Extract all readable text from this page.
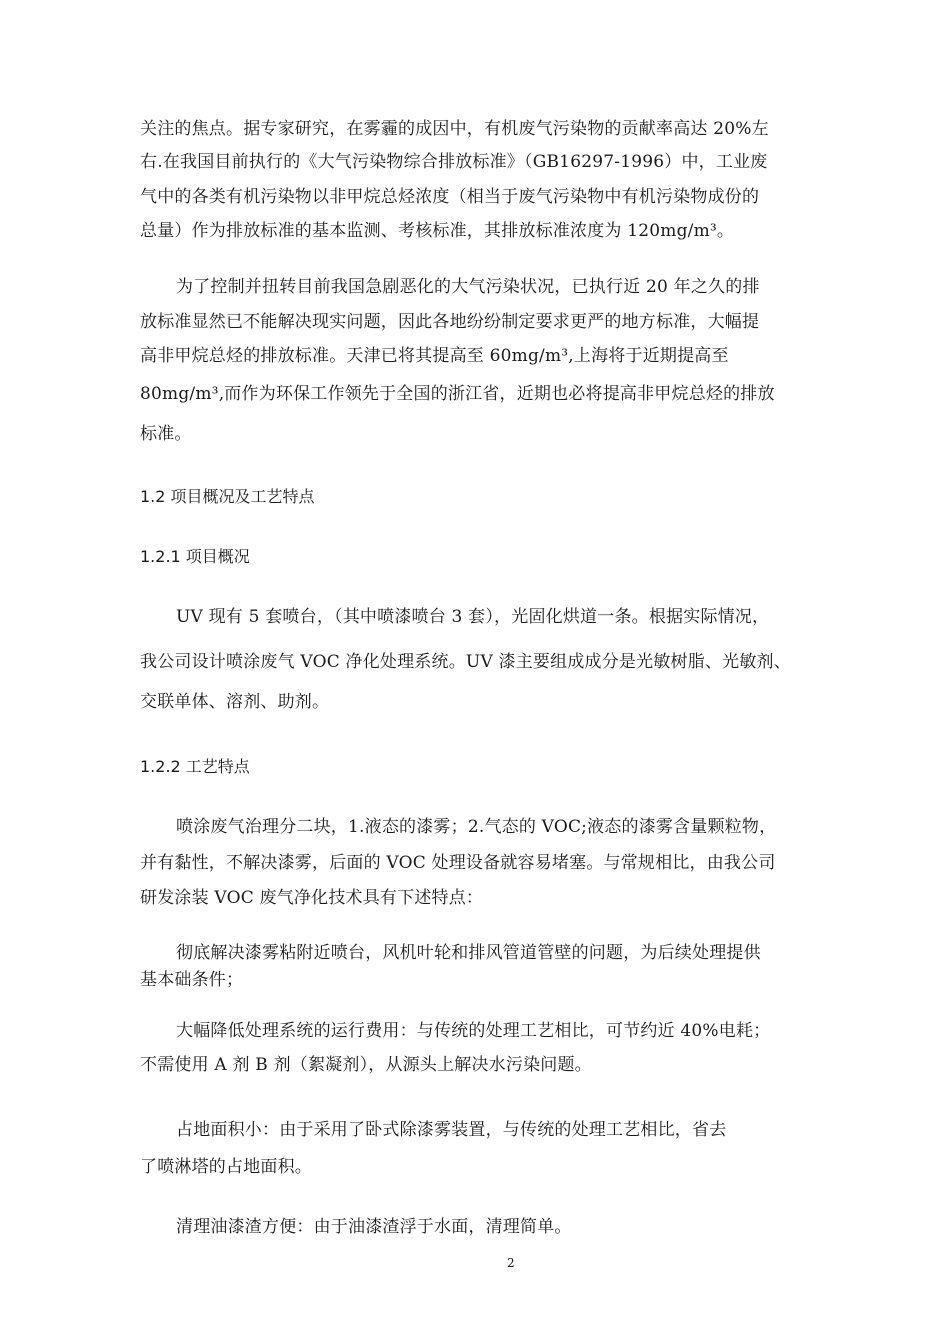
关注的焦点。据专家研究，在雾霾的成因中，有机废气污染物的贡献率高达 20%左
右.在我国目前执行的《大气污染物综合排放标准》（GB16297-1996）中，工业废
气中的各类有机污染物以非甲烷总烃浓度（相当于废气污染物中有机污染物成份的
总量）作为排放标准的基本监测、考核标准，其排放标准浓度为 120mg/m³。
为了控制并扭转目前我国急剧恶化的大气污染状况，已执行近 20 年之久的排
放标准显然已不能解决现实问题，因此各地纷纷制定要求更严的地方标准，大幅提
高非甲烷总烃的排放标准。天津已将其提高至 60mg/m³,上海将于近期提高至
80mg/m³,而作为环保工作领先于全国的浙江省，近期也必将提高非甲烷总烃的排放
标准。
1.2 项目概况及工艺特点
1.2.1 项目概况
UV 现有 5 套喷台，（其中喷漆喷台 3 套），光固化烘道一条。根据实际情况，
我公司设计喷涂废气 VOC 净化处理系统。UV 漆主要组成成分是光敏树脂、光敏剂、
交联单体、溶剂、助剂。
1.2.2 工艺特点
喷涂废气治理分二块，1.液态的漆雾；2.气态的 VOC;液态的漆雾含量颗粒物，
并有黏性，不解决漆雾，后面的 VOC 处理设备就容易堵塞。与常规相比，由我公司
研发涂装 VOC 废气净化技术具有下述特点：
彻底解决漆雾粘附近喷台，风机叶轮和排风管道管壁的问题，为后续处理提供
基本础条件；
大幅降低处理系统的运行费用：与传统的处理工艺相比，可节约近 40%电耗；
不需使用 A 剂 B 剂（絮凝剂），从源头上解决水污染问题。
占地面积小：由于采用了卧式除漆雾装置，与传统的处理工艺相比，省去
了喷淋塔的占地面积。
清理油漆渣方便：由于油漆渣浮于水面，清理简单。
2
